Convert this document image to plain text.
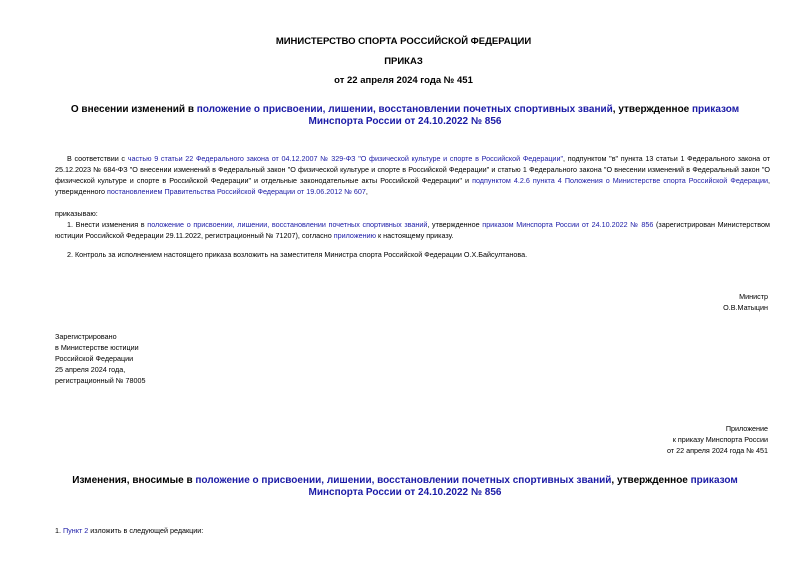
МИНИСТЕРСТВО СПОРТА РОССИЙСКОЙ ФЕДЕРАЦИИ
ПРИКАЗ
от 22 апреля 2024 года № 451
О внесении изменений в положение о присвоении, лишении, восстановлении почетных спортивных званий, утвержденное приказом Минспорта России от 24.10.2022 № 856
В соответствии с частью 9 статьи 22 Федерального закона от 04.12.2007 № 329-ФЗ "О физической культуре и спорте в Российской Федерации", подпунктом "в" пункта 13 статьи 1 Федерального закона от 25.12.2023 № 684-ФЗ "О внесении изменений в Федеральный закон "О физической культуре и спорте в Российской Федерации" и статью 1 Федерального закона "О внесении изменений в Федеральный закон "О физической культуре и спорте в Российской Федерации" и отдельные законодательные акты Российской Федерации" и подпунктом 4.2.6 пункта 4 Положения о Министерстве спорта Российской Федерации, утвержденного постановлением Правительства Российской Федерации от 19.06.2012 № 607,
приказываю:
1. Внести изменения в положение о присвоении, лишении, восстановлении почетных спортивных званий, утвержденное приказом Минспорта России от 24.10.2022 № 856 (зарегистрирован Министерством юстиции Российской Федерации 29.11.2022, регистрационный № 71207), согласно приложению к настоящему приказу.
2. Контроль за исполнением настоящего приказа возложить на заместителя Министра спорта Российской Федерации О.Х.Байсултанова.
Министр
О.В.Матыцин
Зарегистрировано
в Министерстве юстиции
Российской Федерации
25 апреля 2024 года,
регистрационный № 78005
Приложение
к приказу Минспорта России
от 22 апреля 2024 года № 451
Изменения, вносимые в положение о присвоении, лишении, восстановлении почетных спортивных званий, утвержденное приказом Минспорта России от 24.10.2022 № 856
1. Пункт 2 изложить в следующей редакции:
